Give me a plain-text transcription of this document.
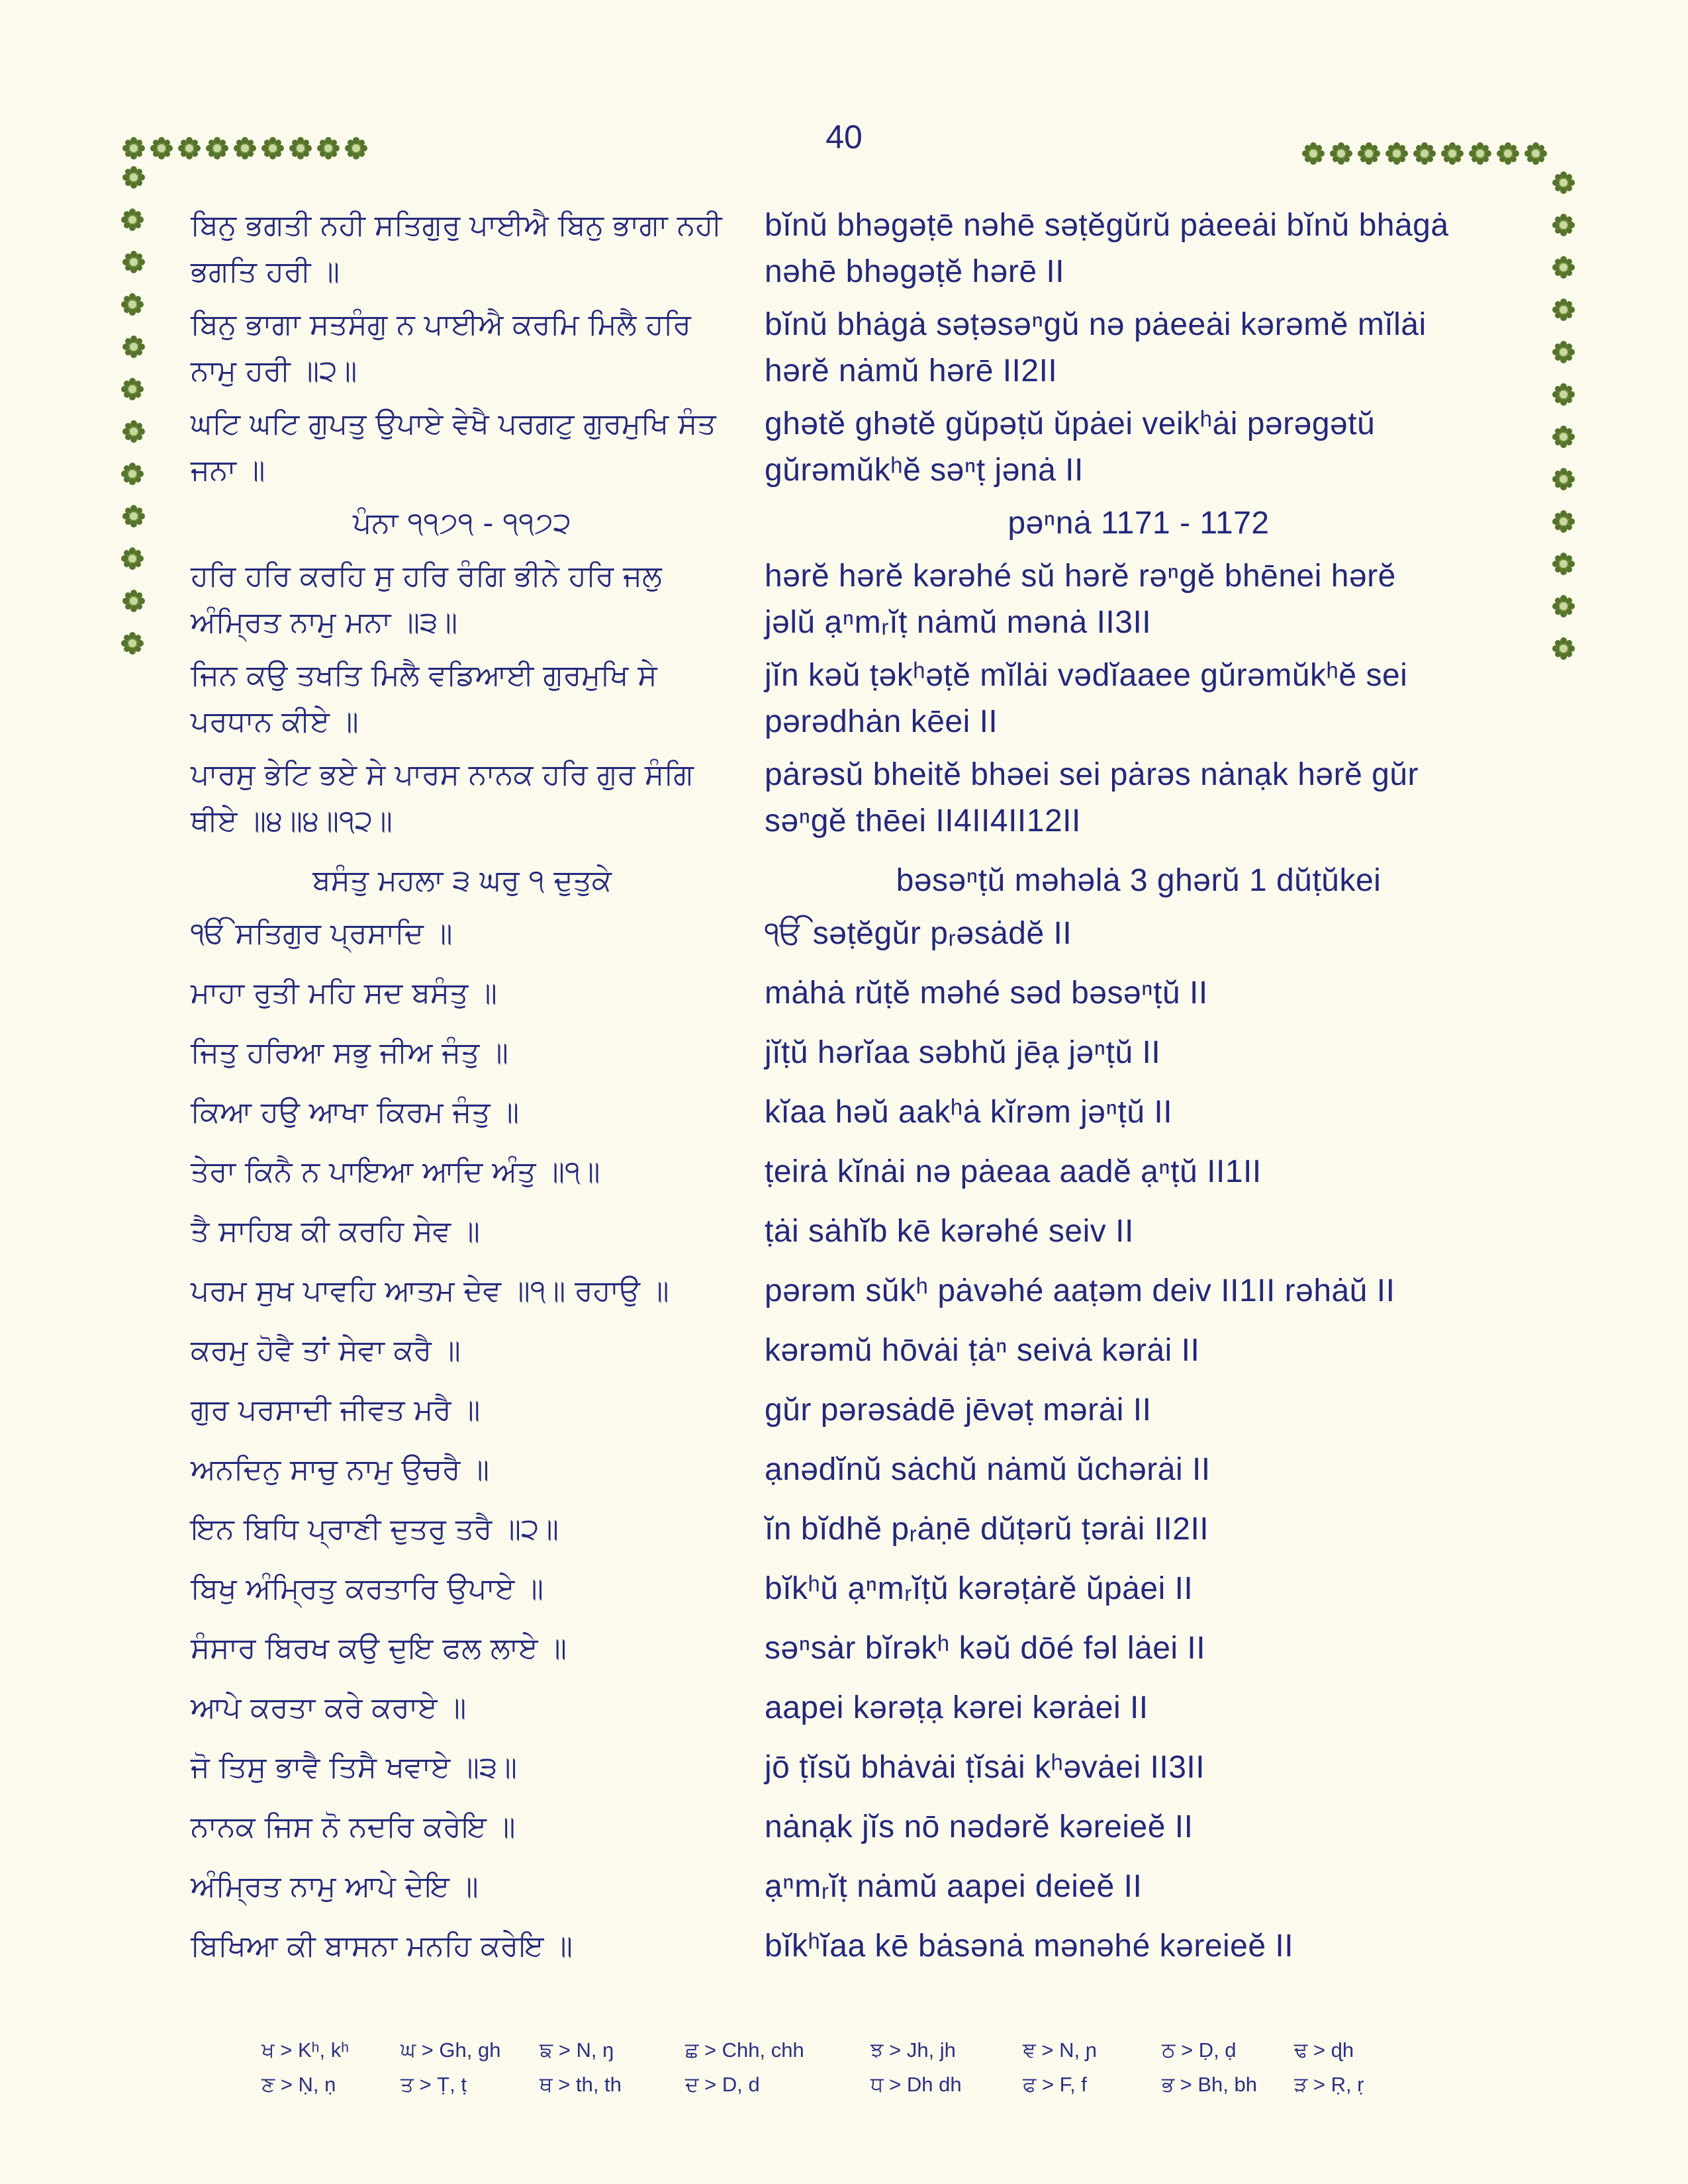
40
ਬਿਨੁ ਭਗਤੀ ਨਹੀ ਸਤਿਗੁਰੁ ਪਾਈਐ ਬਿਨੁ ਭਾਗਾ ਨਹੀ	bĭnŭ bhəgəṭē nəhē səṭĕgŭrŭ pȧeeȧi bĭnŭ bhȧgȧ
ਭਗਤਿ ਹਰੀ ॥	nəhē bhəgəṭĕ hərē II
ਬਿਨੁ ਭਾਗਾ ਸਤਸੰਗੁ ਨ ਪਾਈਐ ਕਰਮਿ ਮਿਲੈ ਹਰਿ	bĭnŭ bhȧgȧ səṭəsəⁿgŭ nə pȧeeȧi kərəmĕ mĭlȧi
ਨਾਮੁ ਹਰੀ ॥੨॥	hərĕ nȧmŭ hərē II2II
ਘਟਿ ਘਟਿ ਗੁਪਤੁ ਉਪਾਏ ਵੇਖੈ ਪਰਗਟੁ ਗੁਰਮੁਖਿ ਸੰਤ	ghətĕ ghətĕ gŭpəṭŭ ŭpȧei veikʰȧi pərəgətŭ
ਜਨਾ ॥	gŭrəmŭkʰĕ səⁿṭ jənȧ II
ਪੰਨਾ ੧੧੭੧ - ੧੧੭੨	pəⁿnȧ 1171 - 1172
ਹਰਿ ਹਰਿ ਕਰਹਿ ਸੁ ਹਰਿ ਰੰਗਿ ਭੀਨੇ ਹਰਿ ਜਲੁ	hərĕ hərĕ kərəhé sŭ hərĕ rəⁿgĕ bhēnei hərĕ
ਅੰਮ੍ਰਿਤ ਨਾਮੁ ਮਨਾ ॥੩॥	jəlŭ ạⁿmᵣĭṭ nȧmŭ mənȧ II3II
ਜਿਨ ਕਉ ਤਖਤਿ ਮਿਲੈ ਵਡਿਆਈ ਗੁਰਮੁਖਿ ਸੇ	jĭn kəŭ ṭəkʰəṭĕ mĭlȧi vədĭaaee gŭrəmŭkʰĕ sei
ਪਰਧਾਨ ਕੀਏ ॥	pərədhȧn kēei II
ਪਾਰਸੁ ਭੇਟਿ ਭਏ ਸੇ ਪਾਰਸ ਨਾਨਕ ਹਰਿ ਗੁਰ ਸੰਗਿ	pȧrəsŭ bheitĕ bhəei sei pȧrəs nȧnạk hərĕ gŭr
ਥੀਏ ॥੪॥੪॥੧੨॥	səⁿgĕ thēei II4II4II12II
ਬਸੰਤੁ ਮਹਲਾ ੩ ਘਰੁ ੧ ਦੁਤੁਕੇ	bəsəⁿṭŭ məhəlȧ 3 ghərŭ 1 dŭṭŭkei
ੴ ਸਤਿਗੁਰ ਪ੍ਰਸਾਦਿ ॥	ੴ səṭĕgŭr pᵣəsȧdĕ II
ਮਾਹਾ ਰੁਤੀ ਮਹਿ ਸਦ ਬਸੰਤੁ ॥	mȧhȧ rŭṭĕ məhé səd bəsəⁿṭŭ II
ਜਿਤੁ ਹਰਿਆ ਸਭੁ ਜੀਅ ਜੰਤੁ ॥	jĭṭŭ hərĭaa səbhŭ jēạ jəⁿṭŭ II
ਕਿਆ ਹਉ ਆਖਾ ਕਿਰਮ ਜੰਤੁ ॥	kĭaa həŭ aakʰȧ kĭrəm jəⁿṭŭ II
ਤੇਰਾ ਕਿਨੈ ਨ ਪਾਇਆ ਆਦਿ ਅੰਤੁ ॥੧॥	ṭeirȧ kĭnȧi nə pȧeaa aadĕ ạⁿṭŭ II1II
ਤੈ ਸਾਹਿਬ ਕੀ ਕਰਹਿ ਸੇਵ ॥	ṭȧi sȧhĭb kē kərəhé seiv II
ਪਰਮ ਸੁਖ ਪਾਵਹਿ ਆਤਮ ਦੇਵ ॥੧॥ ਰਹਾਉ ॥	pərəm sŭkʰ pȧvəhé aaṭəm deiv II1II rəhȧŭ II
ਕਰਮੁ ਹੋਵੈ ਤਾਂ ਸੇਵਾ ਕਰੈ ॥	kərəmŭ hōvȧi ṭȧⁿ seivȧ kərȧi II
ਗੁਰ ਪਰਸਾਦੀ ਜੀਵਤ ਮਰੈ ॥	gŭr pərəsȧdē jēvəṭ mərȧi II
ਅਨਦਿਨੁ ਸਾਚੁ ਨਾਮੁ ਉਚਰੈ ॥	ạnədĭnŭ sȧchŭ nȧmŭ ŭchərȧi II
ਇਨ ਬਿਧਿ ਪ੍ਰਾਣੀ ਦੁਤਰੁ ਤਰੈ ॥੨॥	ĭn bĭdhĕ pᵣȧṇē dŭṭərŭ ṭərȧi II2II
ਬਿਖੁ ਅੰਮ੍ਰਿਤੁ ਕਰਤਾਰਿ ਉਪਾਏ ॥	bĭkʰŭ ạⁿmᵣĭṭŭ kərəṭȧrĕ ŭpȧei II
ਸੰਸਾਰ ਬਿਰਖ ਕਉ ਦੁਇ ਫਲ ਲਾਏ ॥	səⁿsȧr bĭrəkʰ kəŭ dōé fəl lȧei II
ਆਪੇ ਕਰਤਾ ਕਰੇ ਕਰਾਏ ॥	aapei kərəṭạ kərei kərȧei II
ਜੋ ਤਿਸੁ ਭਾਵੈ ਤਿਸੈ ਖਵਾਏ ॥੩॥	jō ṭĭsŭ bhȧvȧi ṭĭsȧi kʰəvȧei II3II
ਨਾਨਕ ਜਿਸ ਨੋ ਨਦਰਿ ਕਰੇਇ ॥	nȧnạk jĭs nō nədərĕ kəreieĕ II
ਅੰਮ੍ਰਿਤ ਨਾਮੁ ਆਪੇ ਦੇਇ ॥	ạⁿmᵣĭṭ nȧmŭ aapei deieĕ II
ਬਿਖਿਆ ਕੀ ਬਾਸਨਾ ਮਨਹਿ ਕਰੇਇ ॥	bĭkʰĭaa kē bȧsənȧ mənəhé kəreieĕ II
ਖ > Kʰ, kʰ	ਘ > Gh, gh ਙ > N, ŋ	ਛ > Chh, chh	ਝ > Jh, jh	ਞ > N, ɲ	ਠ > Ḍ, ḍ	ਢ > ɖh
ਣ > Ṇ, ṇ	ਤ > Ṭ, ṭ	ਥ > th, th	ਦ > D, d	ਧ > Dh dh	ਫ > F, f	ਭ > Bh, bh ੜ > Ṛ, ṛ
